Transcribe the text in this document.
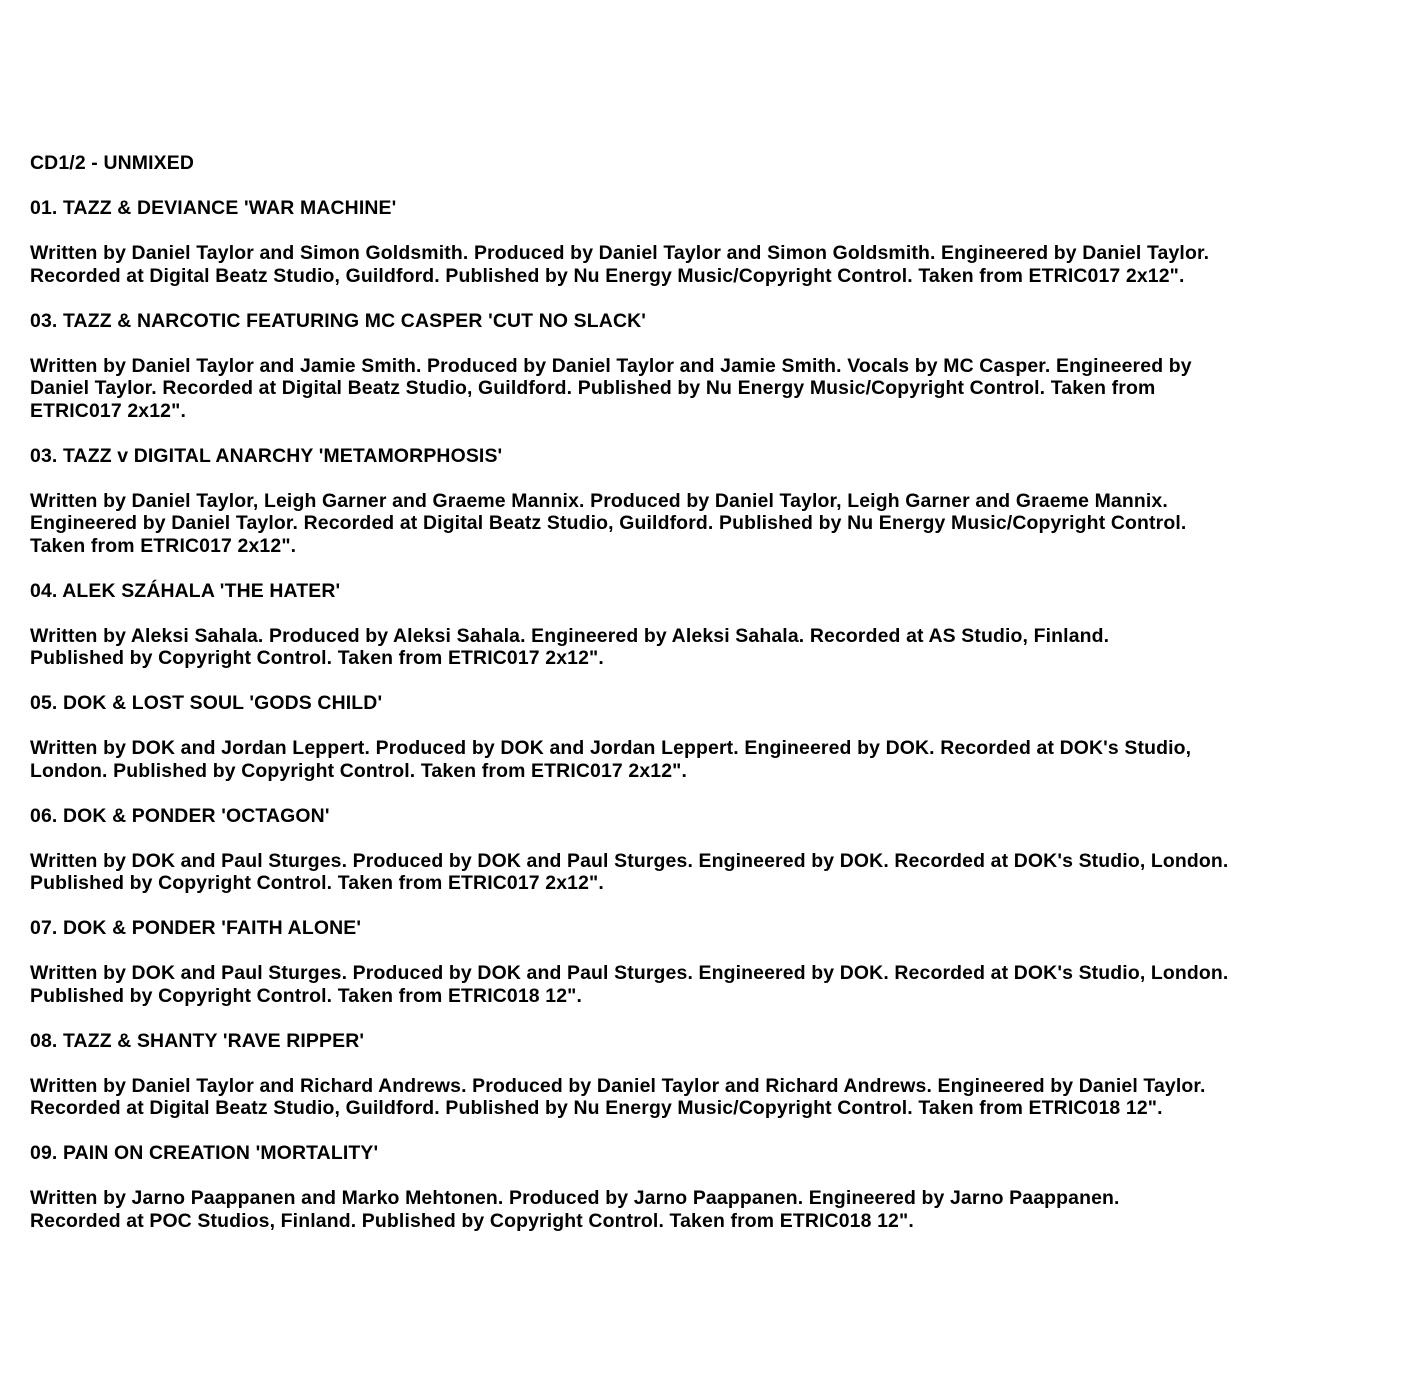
CD1/2 - UNMIXED

01. TAZZ & DEVIANCE 'WAR MACHINE'

Written by Daniel Taylor and Simon Goldsmith. Produced by Daniel Taylor and Simon Goldsmith. Engineered by Daniel Taylor.

Recorded at Digital Beatz Studio, Guildford. Published by Nu Energy Music/Copyright Control. Taken from ETRIC017 2x12".

03. TAZZ & NARCOTIC FEATURING MC CASPER 'CUT NO SLACK'

Written by Daniel Taylor and Jamie Smith. Produced by Daniel Taylor and Jamie Smith. Vocals by MC Casper. Engineered by

Daniel Taylor. Recorded at Digital Beatz Studio, Guildford. Published by Nu Energy Music/Copyright Control. Taken from

ETRIC017 2x12".

03. TAZZ v DIGITAL ANARCHY 'METAMORPHOSIS'

Written by Daniel Taylor, Leigh Garner and Graeme Mannix. Produced by Daniel Taylor, Leigh Garner and Graeme Mannix.

Engineered by Daniel Taylor. Recorded at Digital Beatz Studio, Guildford. Published by Nu Energy Music/Copyright Control.

Taken from ETRIC017 2x12".

04. ALEK SZÁHALA 'THE HATER'

Written by Aleksi Sahala. Produced by Aleksi Sahala. Engineered by Aleksi Sahala. Recorded at AS Studio, Finland.

Published by Copyright Control. Taken from ETRIC017 2x12".

05. DOK & LOST SOUL 'GODS CHILD'

Written by DOK and Jordan Leppert. Produced by DOK and Jordan Leppert. Engineered by DOK. Recorded at DOK's Studio,

London. Published by Copyright Control. Taken from ETRIC017 2x12".

06. DOK & PONDER 'OCTAGON'

Written by DOK and Paul Sturges. Produced by DOK and Paul Sturges. Engineered by DOK. Recorded at DOK's Studio, London.

Published by Copyright Control. Taken from ETRIC017 2x12".

07. DOK & PONDER 'FAITH ALONE'

Written by DOK and Paul Sturges. Produced by DOK and Paul Sturges. Engineered by DOK. Recorded at DOK's Studio, London.

Published by Copyright Control. Taken from ETRIC018 12".

08. TAZZ & SHANTY 'RAVE RIPPER'

Written by Daniel Taylor and Richard Andrews. Produced by Daniel Taylor and Richard Andrews. Engineered by Daniel Taylor.

Recorded at Digital Beatz Studio, Guildford. Published by Nu Energy Music/Copyright Control. Taken from ETRIC018 12".

09. PAIN ON CREATION 'MORTALITY'

Written by Jarno Paappanen and Marko Mehtonen. Produced by Jarno Paappanen. Engineered by Jarno Paappanen.

Recorded at POC Studios, Finland. Published by Copyright Control. Taken from ETRIC018 12".
